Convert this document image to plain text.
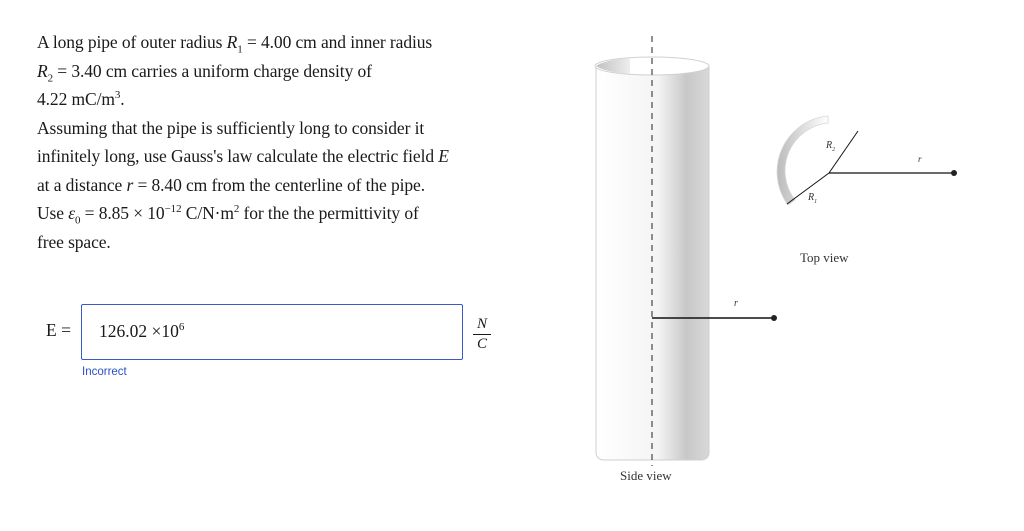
A long pipe of outer radius $R_1 = 4.00$ cm and inner radius

$R_2 = 3.40$ cm carries a uniform charge density of

4.22 $mC/m^3$.

Assuming that the pipe is sufficiently long to consider it

infinitely long, use Gauss's law calculate the electric field E

at a distance r = 8.40 cm from the centerline of the pipe.

Use $\varepsilon_0 = 8.85 \times 10^{-12}$ $C/N\cdot m^2$ for the the permittivity of

free space.

$E = 126.02 \times 10^6$	N
C
Incorrect
r
Side view
r
$R_2$
$R_1$
Top view
